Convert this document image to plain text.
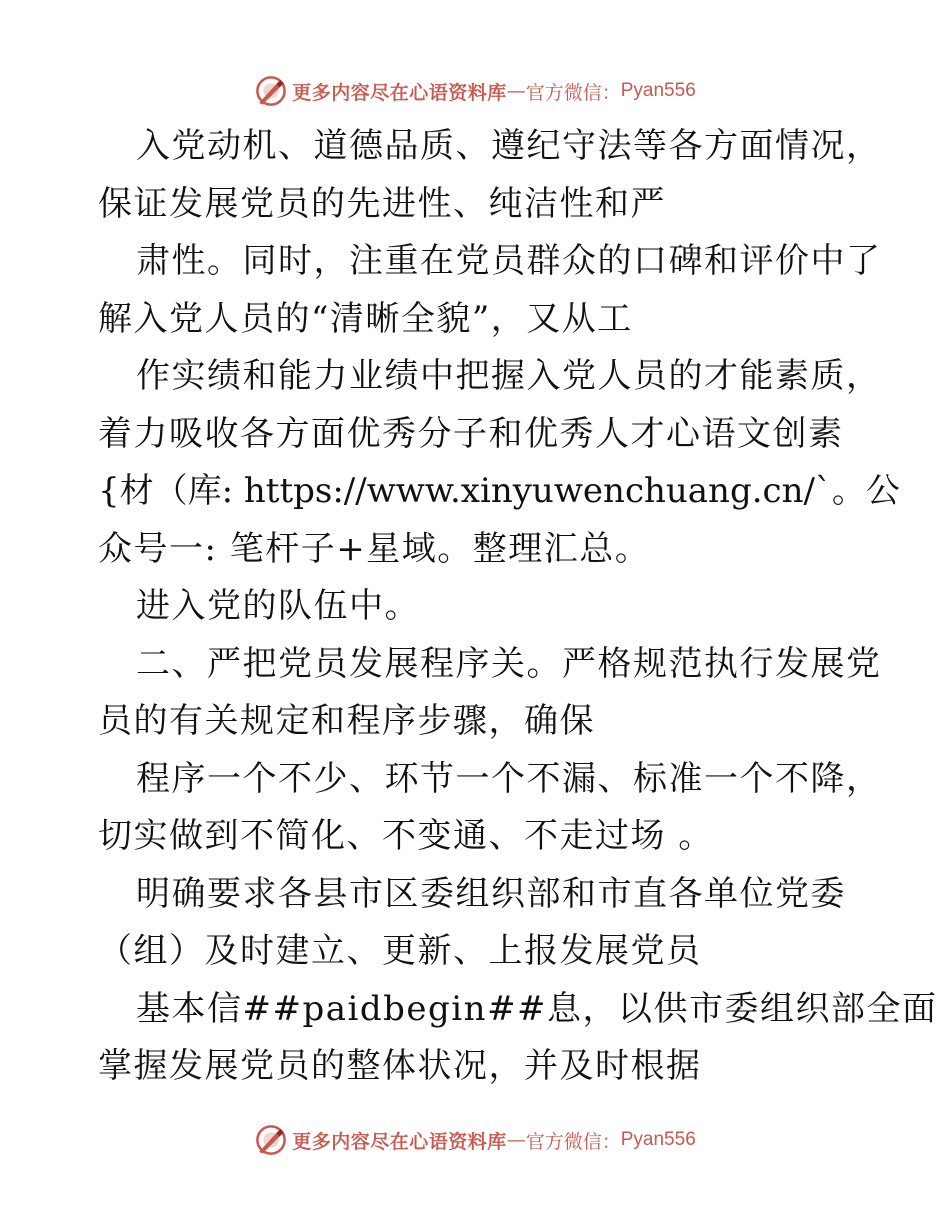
更多内容尽在心语资料库 — 官方微信： Pyan556
入党动机、道德品质、遵纪守法等各方面情况，
保证发展党员的先进性、纯洁性和严
肃性。同时，注重在党员群众的口碑和评价中了
解入党人员的“清晰全貌”，又从工
作实绩和能力业绩中把握入党人员的才能素质，
着力吸收各方面优秀分子和优秀人才心语文创素
{材（库: https://www.xinyuwenchuang.cn/`。公
众号一: 笔杆子+星域。整理汇总。
进入党的队伍中。
二、严把党员发展程序关。严格规范执行发展党
员的有关规定和程序步骤，确保
程序一个不少、环节一个不漏、标准一个不降，
切实做到不简化、不变通、不走过场 。
明确要求各县市区委组织部和市直各单位党委
（组）及时建立、更新、上报发展党员
基本信##paidbegin##息，以供市委组织部全面
掌握发展党员的整体状况，并及时根据
更多内容尽在心语资料库 — 官方微信： Pyan556
